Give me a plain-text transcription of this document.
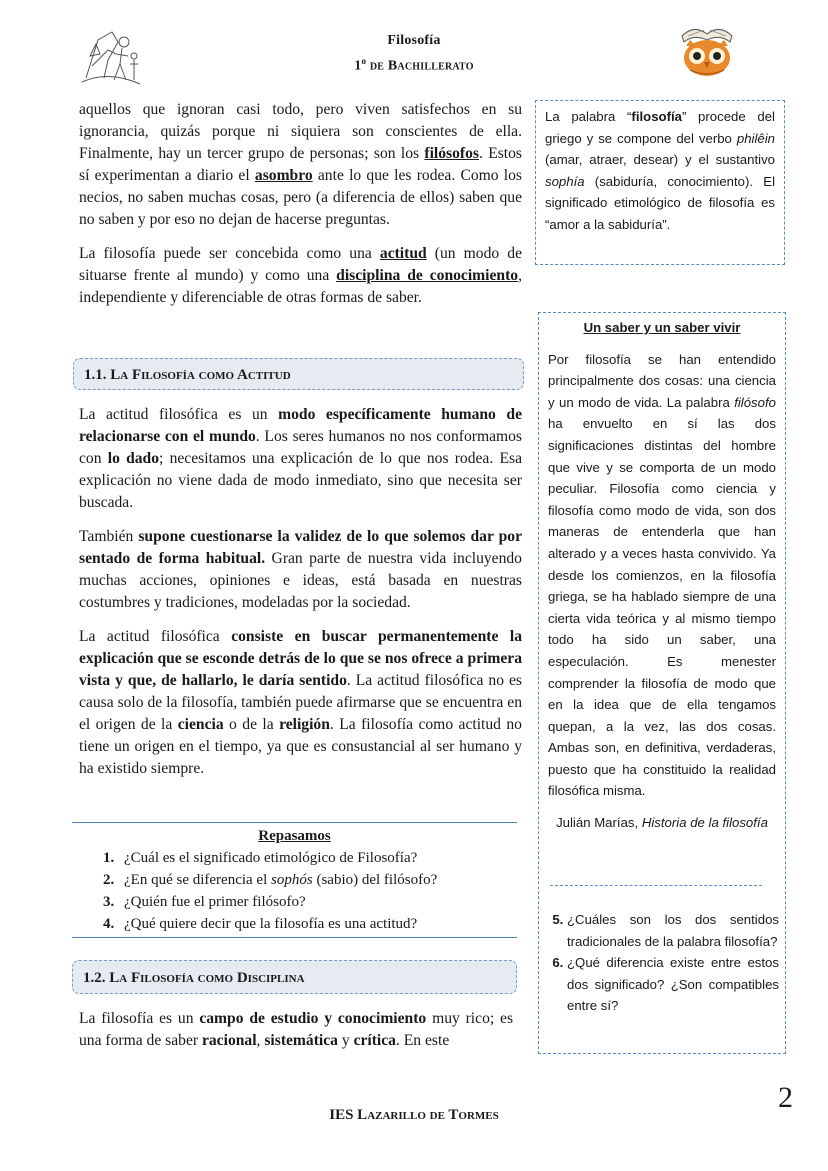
Filosofía
1$^o$ de Bachillerato

aquellos que ignoran casi todo, pero viven satisfechos en su ignorancia, quizás porque ni siquiera son conscientes de ella. Finalmente, hay un tercer grupo de personas; son los filósofos. Estos sí experimentan a diario el asombro ante lo que les rodea. Como los necios, no saben muchas cosas, pero (a diferencia de ellos) saben que no saben y por eso no dejan de hacerse preguntas.

La filosofía puede ser concebida como una actitud (un modo de situarse frente al mundo) y como una disciplina de conocimiento, independiente y diferenciable de otras formas de saber.

1.1. La Filosofía como Actitud

La actitud filosófica es un modo específicamente humano de relacionarse con el mundo. Los seres humanos no nos conformamos con lo dado; necesitamos una explicación de lo que nos rodea. Esa explicación no viene dada de modo inmediato, sino que necesita ser buscada.

También supone cuestionarse la validez de lo que solemos dar por sentado de forma habitual. Gran parte de nuestra vida incluyendo muchas acciones, opiniones e ideas, está basada en nuestras costumbres y tradiciones, modeladas por la sociedad.

La actitud filosófica consiste en buscar permanentemente la explicación que se esconde detrás de lo que se nos ofrece a primera vista y que, de hallarlo, le daría sentido. La actitud filosófica no es causa solo de la filosofía, también puede afirmarse que se encuentra en el origen de la ciencia o de la religión. La filosofía como actitud no tiene un origen en el tiempo, ya que es consustancial al ser humano y ha existido siempre.

Repasamos
1. ¿Cuál es el significado etimológico de Filosofía?
2. ¿En qué se diferencia el sophós (sabio) del filósofo?
3. ¿Quién fue el primer filósofo?
4. ¿Qué quiere decir que la filosofía es una actitud?
1.2. La Filosofía como Disciplina

La filosofía es un campo de estudio y conocimiento muy rico; es una forma de saber racional, sistemática y crítica. En este

La palabra “filosofía” procede del griego y se compone del verbo philêin (amar, atraer, desear) y el sustantivo sophía (sabiduría, conocimiento). El significado etimológico de filosofía es “amor a la sabiduría”.

Un saber y un saber vivir

Por filosofía se han entendido principalmente dos cosas: una ciencia y un modo de vida. La palabra filósofo ha envuelto en sí las dos significaciones distintas del hombre que vive y se comporta de un modo peculiar. Filosofía como ciencia y filosofía como modo de vida, son dos maneras de entenderla que han alterado y a veces hasta convivido. Ya desde los comienzos, en la filosofía griega, se ha hablado siempre de una cierta vida teórica y al mismo tiempo todo ha sido un saber, una especulación. Es menester comprender la filosofía de modo que en la idea que de ella tengamos quepan, a la vez, las dos cosas. Ambas son, en definitiva, verdaderas, puesto que ha constituido la realidad filosófica misma.

Julián Marías, Historia de la filosofía

5. ¿Cuáles son los dos sentidos tradicionales de la palabra filosofía?
6. ¿Qué diferencia existe entre estos dos significado? ¿Son compatibles entre sí?
2
IES Lazarillo de Tormes
